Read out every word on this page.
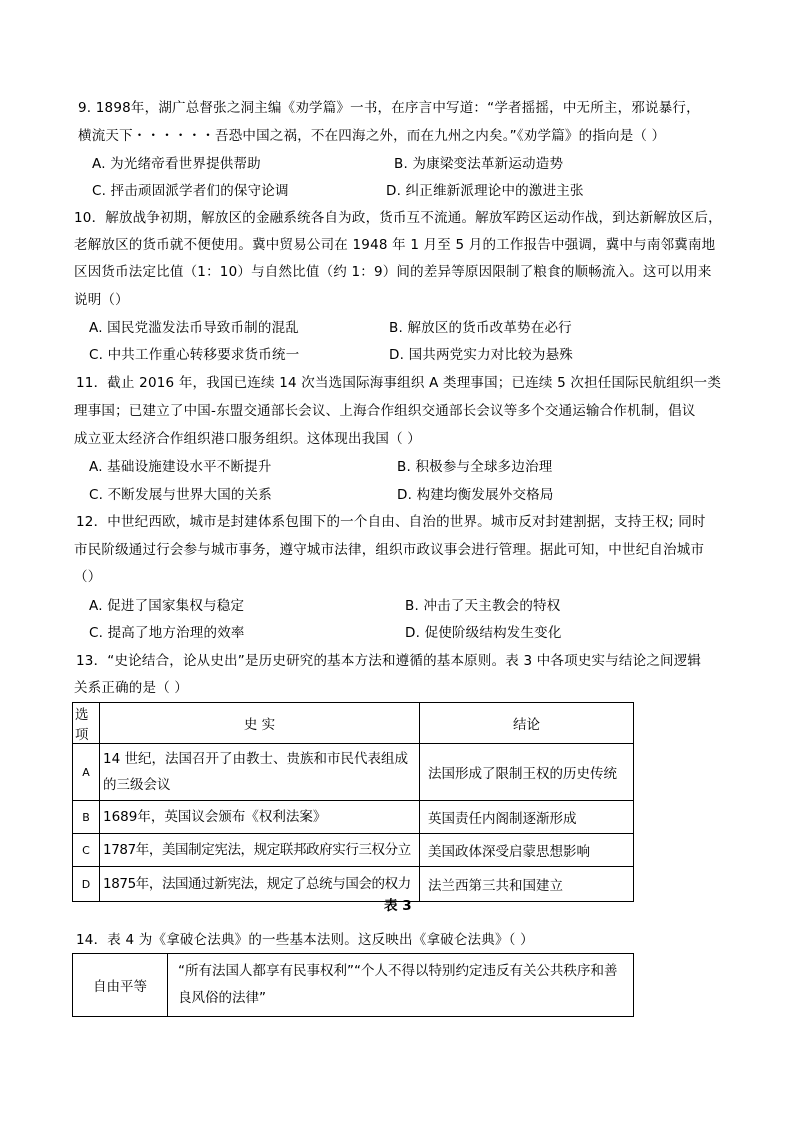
9. 1898年，湖广总督张之洞主编《劝学篇》一书，在序言中写道：“学者摇摇，中无所主，邪说暴行，
横流天下・・・・・・吾恐中国之祸，不在四海之外，而在九州之内矣。”《劝学篇》的指向是（ ）
A. 为光绪帝看世界提供帮助	B. 为康梁变法革新运动造势
C. 抨击顽固派学者们的保守论调	D. 纠正维新派理论中的激进主张
10．解放战争初期，解放区的金融系统各自为政，货币互不流通。解放军跨区运动作战，到达新解放区后，
老解放区的货币就不便使用。冀中贸易公司在 1948 年 1 月至 5 月的工作报告中强调，冀中与南邻冀南地
区因货币法定比值（1：10）与自然比值（约 1：9）间的差异等原因限制了粮食的顺畅流入。这可以用来
说明（）
A. 国民党滥发法币导致币制的混乱	B. 解放区的货币改革势在必行
C. 中共工作重心转移要求货币统一	D. 国共两党实力对比较为悬殊
11．截止 2016 年，我国已连续 14 次当选国际海事组织 A 类理事国；已连续 5 次担任国际民航组织一类
理事国；已建立了中国-东盟交通部长会议、上海合作组织交通部长会议等多个交通运输合作机制，倡议
成立亚太经济合作组织港口服务组织。这体现出我国（ ）
A. 基础设施建设水平不断提升	B. 积极参与全球多边治理
C. 不断发展与世界大国的关系	D. 构建均衡发展外交格局
12．中世纪西欧，城市是封建体系包围下的一个自由、自治的世界。城市反对封建割据，支持王权; 同时
市民阶级通过行会参与城市事务，遵守城市法律，组织市政议事会进行管理。据此可知，中世纪自治城市
（）
A. 促进了国家集权与稳定	B. 冲击了天主教会的特权
C. 提高了地方治理的效率	D. 促使阶级结构发生变化
13．“史论结合，论从史出”是历史研究的基本方法和遵循的基本原则。表 3 中各项史实与结论之间逻辑
关系正确的是（ ）
选项	史 实	结论
A	14 世纪，法国召开了由教士、贵族和市民代表组成
的三级会议	法国形成了限制王权的历史传统
B	1689年，英国议会颁布《权利法案》	英国责任内阁制逐渐形成
C	1787年，美国制定宪法，规定联邦政府实行三权分立	美国政体深受启蒙思想影响
D	1875年，法国通过新宪法，规定了总统与国会的权力	法兰西第三共和国建立
表 3
14．表 4 为《拿破仑法典》的一些基本法则。这反映出《拿破仑法典》（ ）
自由平等	“所有法国人都享有民事权利”“个人不得以特别约定违反有关公共秩序和善良风俗的法律”
